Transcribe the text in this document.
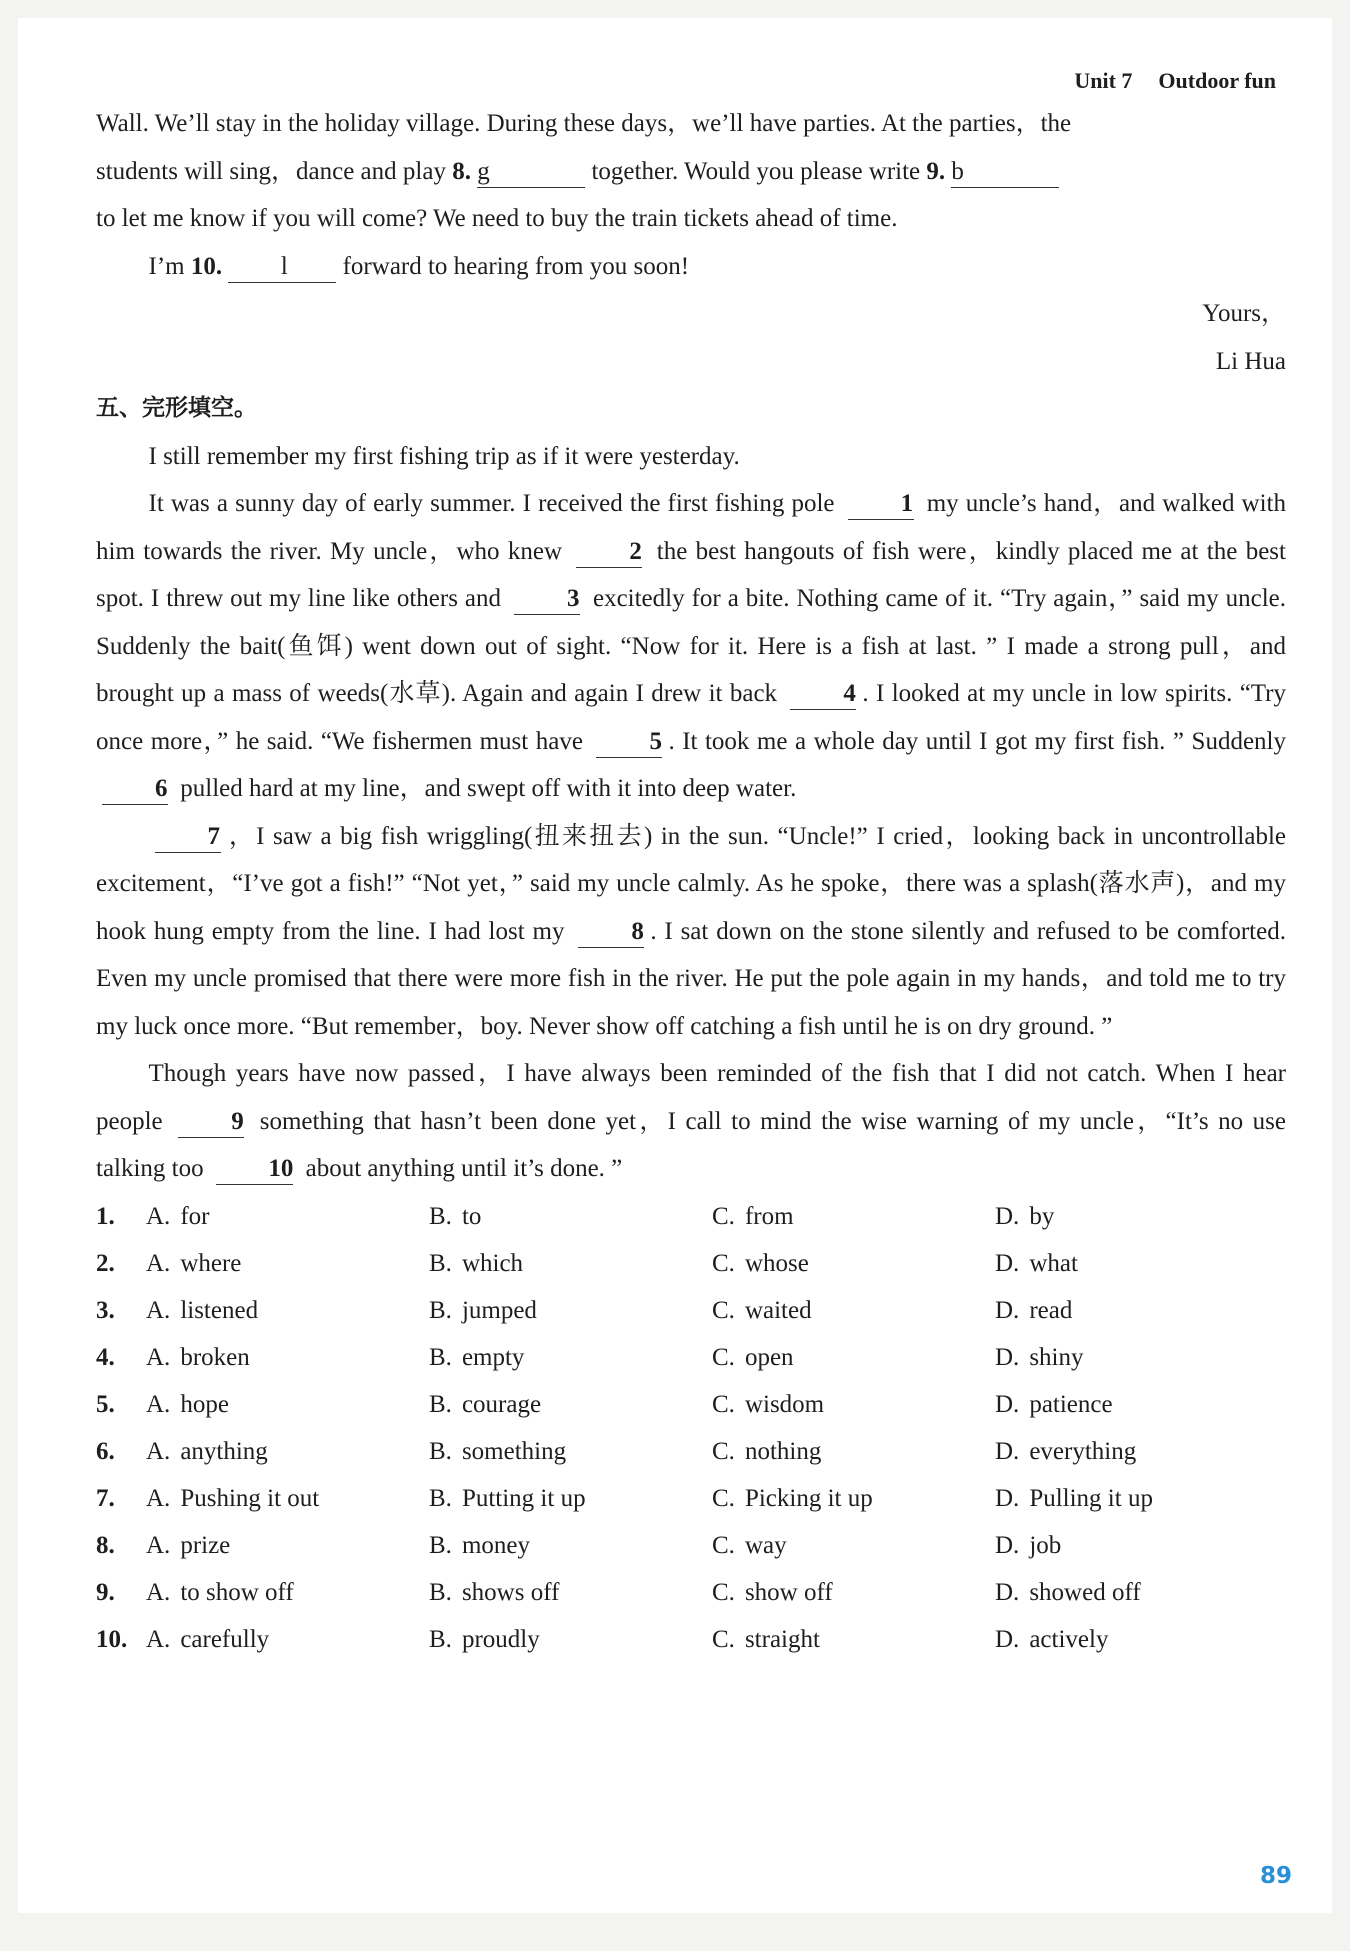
Unit 7 Outdoor fun

Wall. We’ll stay in the holiday village. During these days，we’ll have parties. At the parties，the

students will sing，dance and play 8. g	together. Would you please write 9. b

to let me know if you will come? We need to buy the train tickets ahead of time.

I’m 10. l forward to hearing from you soon!

Yours，

Li Hua

五、完形填空。

I still remember my first fishing trip as if it were yesterday.

It was a sunny day of early summer. I received the first fishing pole 1 my uncle’s hand，and walked with him towards the river. My uncle，who knew 2 the best hangouts of fish were，kindly placed me at the best spot. I threw out my line like others and 3 excitedly for a bite. Nothing came of it. “Try again，” said my uncle. Suddenly the bait(鱼饵) went down out of sight. “Now for it. Here is a fish at last. ” I made a strong pull，and brought up a mass of weeds(水草). Again and again I drew it back 4 . I looked at my uncle in low spirits. “Try once more，” he said. “We fishermen must have 5 . It took me a whole day until I got my first fish. ” Suddenly 6 pulled hard at my line，and swept off with it into deep water.

7 ，I saw a big fish wriggling(扭来扭去) in the sun. “Uncle!” I cried，looking back in uncontrollable excitement，“I’ve got a fish!” “Not yet，” said my uncle calmly. As he spoke，there was a splash(落水声)，and my hook hung empty from the line. I had lost my 8 . I sat down on the stone silently and refused to be comforted. Even my uncle promised that there were more fish in the river. He put the pole again in my hands，and told me to try my luck once more. “But remember，boy. Never show off catching a fish until he is on dry ground. ”

Though years have now passed，I have always been reminded of the fish that I did not catch. When I hear people 9 something that hasn’t been done yet，I call to mind the wise warning of my uncle，“It’s no use talking too 10 about anything until it’s done. ”

1.	A. for	B. to	C. from	D. by
2.	A. where	B. which	C. whose	D. what
3.	A. listened	B. jumped	C. waited	D. read
4.	A. broken	B. empty	C. open	D. shiny
5.	A. hope	B. courage	C. wisdom	D. patience
6.	A. anything	B. something	C. nothing	D. everything
7.	A. Pushing it out	B. Putting it up	C. Picking it up	D. Pulling it up
8.	A. prize	B. money	C. way	D. job
9.	A. to show off	B. shows off	C. show off	D. showed off
10. A. carefully	B. proudly	C. straight	D. actively
89
